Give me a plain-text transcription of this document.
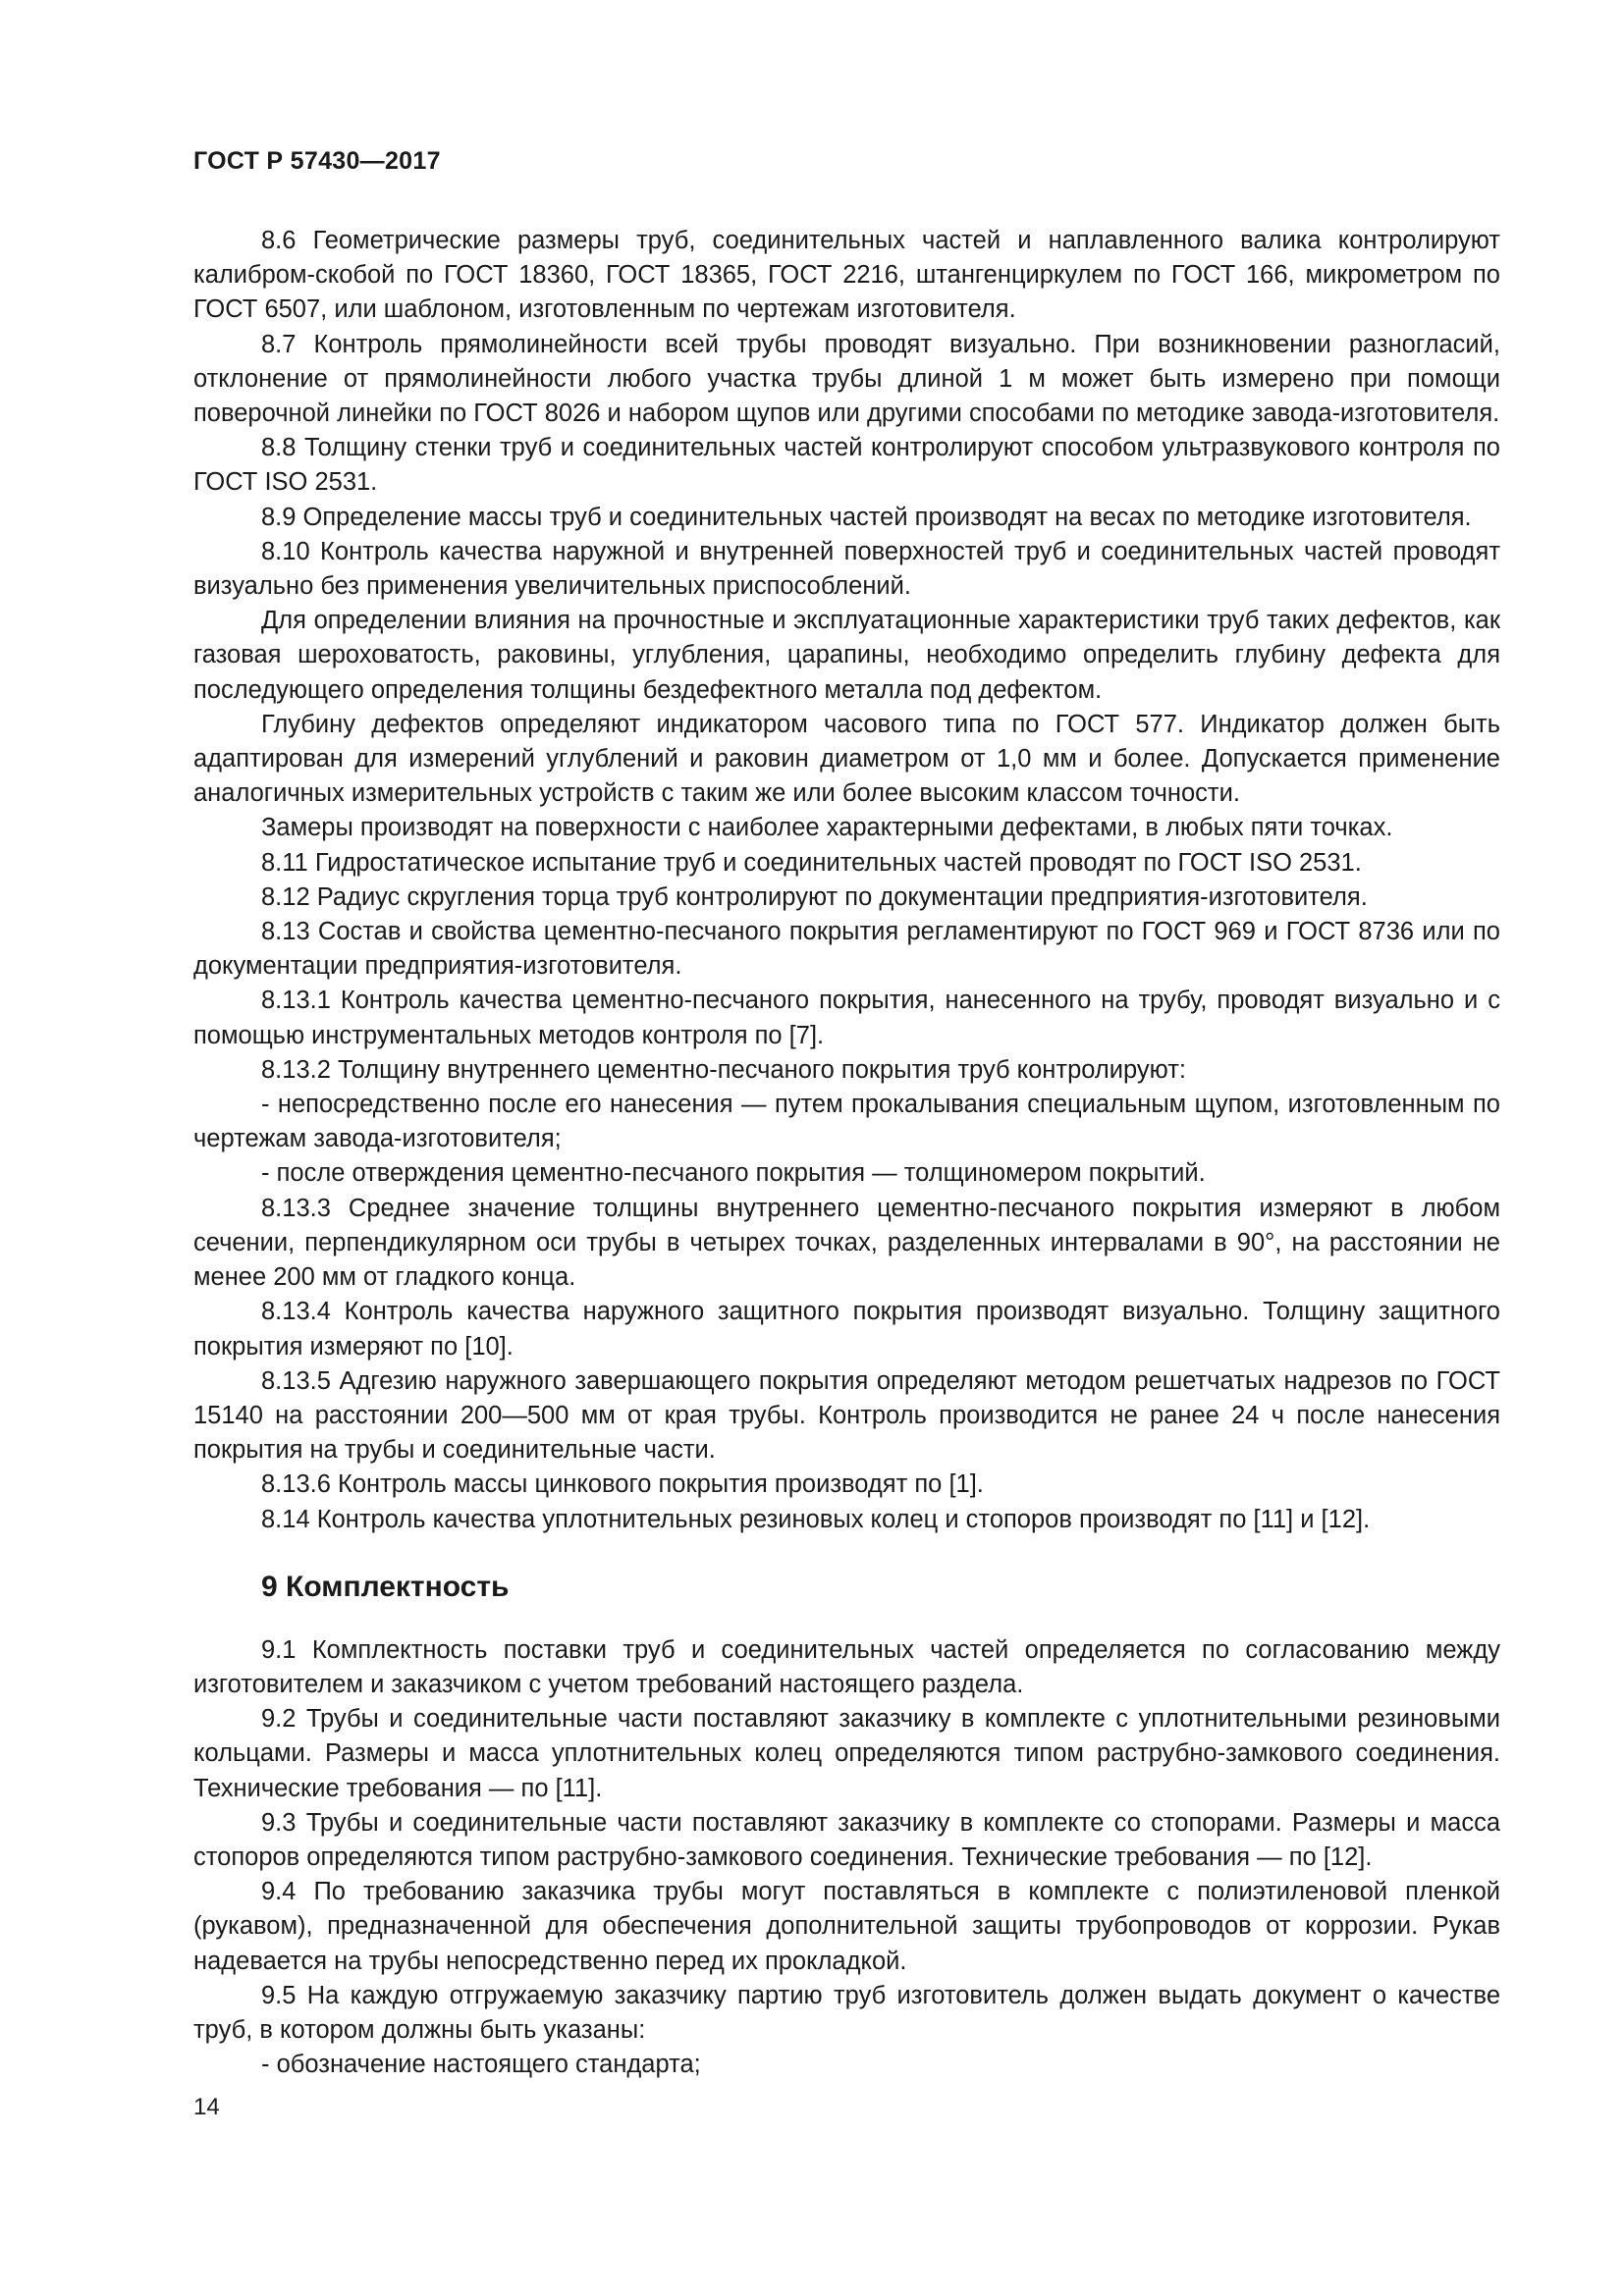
ГОСТ Р 57430—2017

8.6 Геометрические размеры труб, соединительных частей и наплавленного валика контролируют калибром-скобой по ГОСТ 18360, ГОСТ 18365, ГОСТ 2216, штангенциркулем по ГОСТ 166, микрометром по ГОСТ 6507, или шаблоном, изготовленным по чертежам изготовителя.

8.7 Контроль прямолинейности всей трубы проводят визуально. При возникновении разногласий, отклонение от прямолинейности любого участка трубы длиной 1 м может быть измерено при помощи поверочной линейки по ГОСТ 8026 и набором щупов или другими способами по методике завода-изготовителя.

8.8 Толщину стенки труб и соединительных частей контролируют способом ультразвукового контроля по ГОСТ ISO 2531.

8.9 Определение массы труб и соединительных частей производят на весах по методике изготовителя.

8.10 Контроль качества наружной и внутренней поверхностей труб и соединительных частей проводят визуально без применения увеличительных приспособлений.

Для определении влияния на прочностные и эксплуатационные характеристики труб таких дефектов, как газовая шероховатость, раковины, углубления, царапины, необходимо определить глубину дефекта для последующего определения толщины бездефектного металла под дефектом.

Глубину дефектов определяют индикатором часового типа по ГОСТ 577. Индикатор должен быть адаптирован для измерений углублений и раковин диаметром от 1,0 мм и более. Допускается применение аналогичных измерительных устройств с таким же или более высоким классом точности.

Замеры производят на поверхности с наиболее характерными дефектами, в любых пяти точках.

8.11 Гидростатическое испытание труб и соединительных частей проводят по ГОСТ ISO 2531.

8.12 Радиус скругления торца труб контролируют по документации предприятия-изготовителя.

8.13 Состав и свойства цементно-песчаного покрытия регламентируют по ГОСТ 969 и ГОСТ 8736 или по документации предприятия-изготовителя.

8.13.1 Контроль качества цементно-песчаного покрытия, нанесенного на трубу, проводят визуально и с помощью инструментальных методов контроля по [7].

8.13.2 Толщину внутреннего цементно-песчаного покрытия труб контролируют:

- непосредственно после его нанесения — путем прокалывания специальным щупом, изготовленным по чертежам завода-изготовителя;

- после отверждения цементно-песчаного покрытия — толщиномером покрытий.

8.13.3 Среднее значение толщины внутреннего цементно-песчаного покрытия измеряют в любом сечении, перпендикулярном оси трубы в четырех точках, разделенных интервалами в 90°, на расстоянии не менее 200 мм от гладкого конца.

8.13.4 Контроль качества наружного защитного покрытия производят визуально. Толщину защитного покрытия измеряют по [10].

8.13.5 Адгезию наружного завершающего покрытия определяют методом решетчатых надрезов по ГОСТ 15140 на расстоянии 200—500 мм от края трубы. Контроль производится не ранее 24 ч после нанесения покрытия на трубы и соединительные части.

8.13.6 Контроль массы цинкового покрытия производят по [1].

8.14 Контроль качества уплотнительных резиновых колец и стопоров производят по [11] и [12].

9 Комплектность

9.1 Комплектность поставки труб и соединительных частей определяется по согласованию между изготовителем и заказчиком с учетом требований настоящего раздела.

9.2 Трубы и соединительные части поставляют заказчику в комплекте с уплотнительными резиновыми кольцами. Размеры и масса уплотнительных колец определяются типом раструбно-замкового соединения. Технические требования — по [11].

9.3 Трубы и соединительные части поставляют заказчику в комплекте со стопорами. Размеры и масса стопоров определяются типом раструбно-замкового соединения. Технические требования — по [12].

9.4 По требованию заказчика трубы могут поставляться в комплекте с полиэтиленовой пленкой (рукавом), предназначенной для обеспечения дополнительной защиты трубопроводов от коррозии. Рукав надевается на трубы непосредственно перед их прокладкой.

9.5 На каждую отгружаемую заказчику партию труб изготовитель должен выдать документ о качестве труб, в котором должны быть указаны:

- обозначение настоящего стандарта;

14
